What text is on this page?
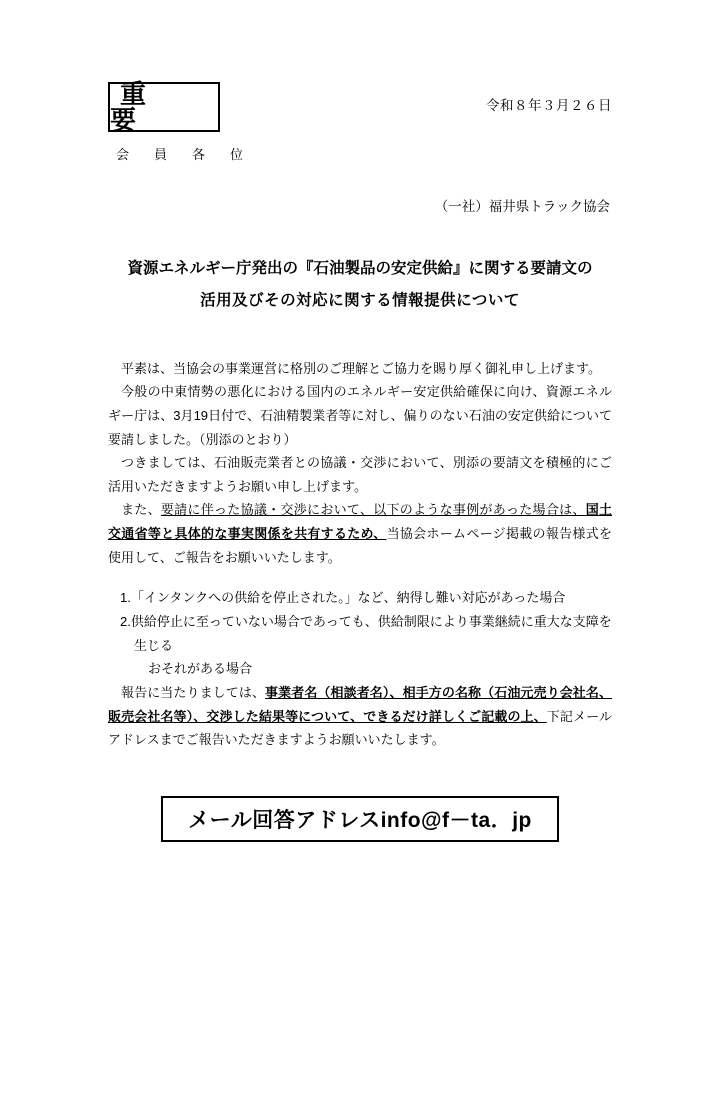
重　要	令和８年３月２６日
会　員　各　位
（一社）福井県トラック協会
資源エネルギー庁発出の『石油製品の安定供給』に関する要請文の
活用及びその対応に関する情報提供について

平素は、当協会の事業運営に格別のご理解とご協力を賜り厚く御礼申し上げます。

今般の中東情勢の悪化における国内のエネルギー安定供給確保に向け、資源エネルギー庁は、3月19日付で、石油精製業者等に対し、偏りのない石油の安定供給について要請しました。（別添のとおり）

つきましては、石油販売業者との協議・交渉において、別添の要請文を積極的にご活用いただきますようお願い申し上げます。

また、要請に伴った協議・交渉において、以下のような事例があった場合は、国土交通省等と具体的な事実関係を共有するため、当協会ホームページ掲載の報告様式を使用して、ご報告をお願いいたします。

1.「インタンクへの供給を停止された。」など、納得し難い対応があった場合
2.供給停止に至っていない場合であっても、供給制限により事業継続に重大な支障を生じる
おそれがある場合

報告に当たりましては、事業者名（相談者名）、相手方の名称（石油元売り会社名、販売会社名等）、交渉した結果等について、できるだけ詳しくご記載の上、下記メールアドレスまでご報告いただきますようお願いいたします。

メール回答アドレスinfo@f－ta．jp
